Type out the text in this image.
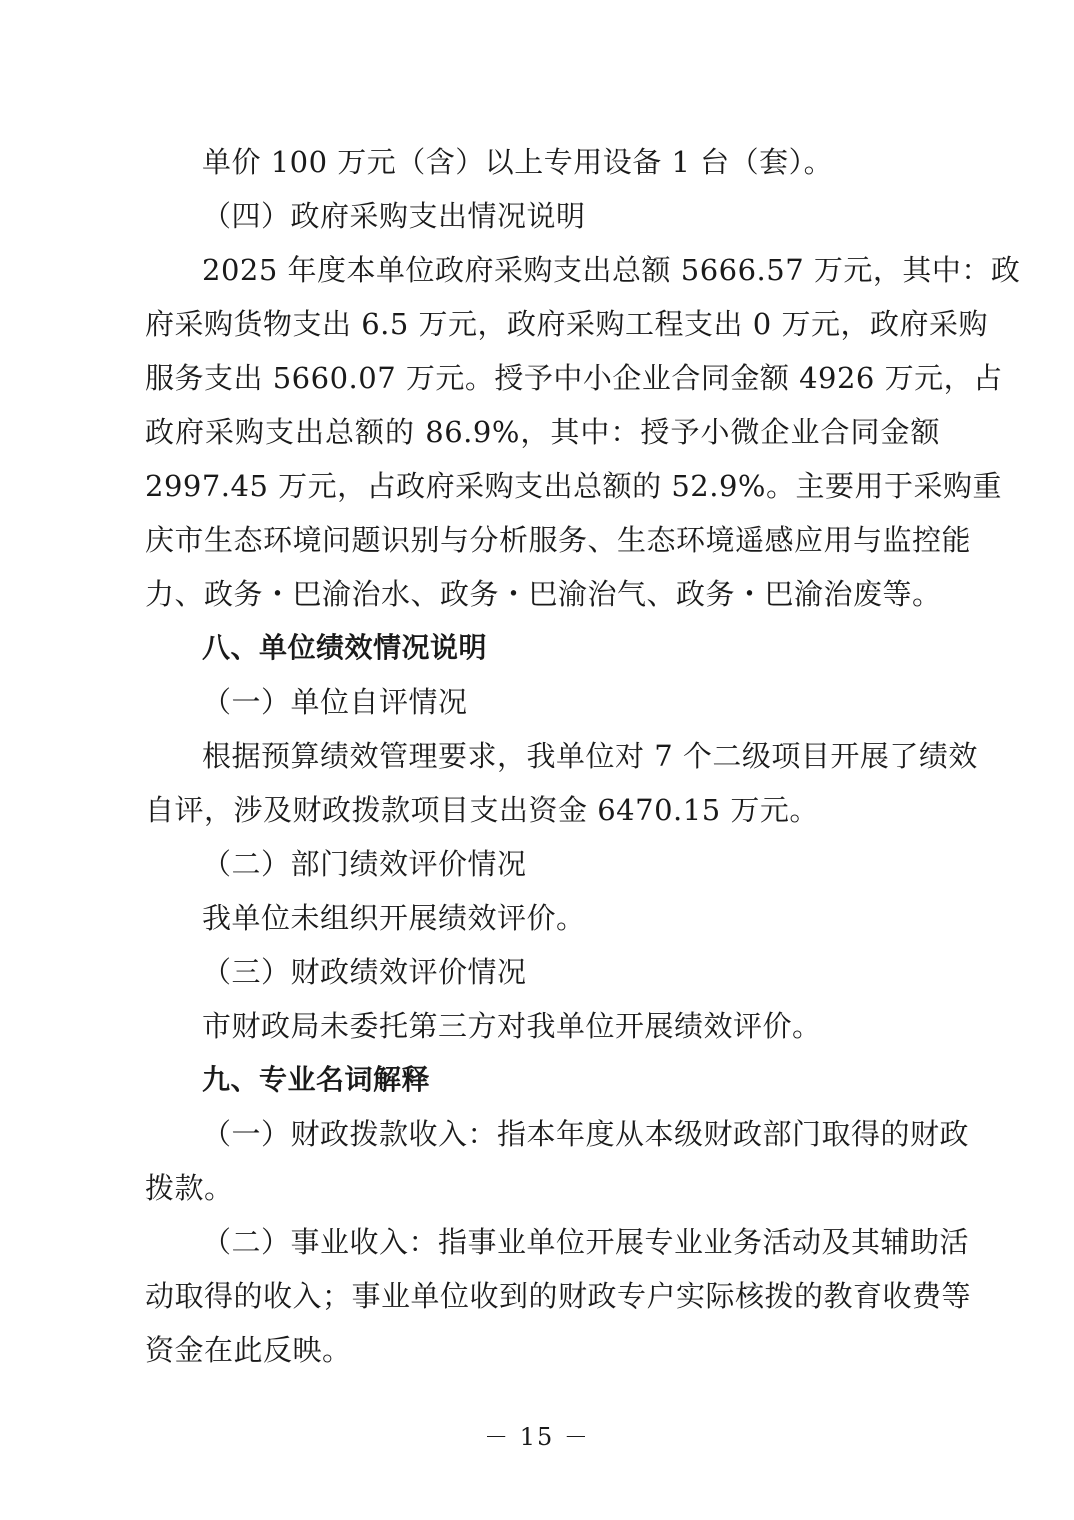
单价 100 万元（含）以上专用设备 1 台（套）。
（四）政府采购支出情况说明
2025 年度本单位政府采购支出总额 5666.57 万元，其中：政
府采购货物支出 6.5 万元，政府采购工程支出 0 万元，政府采购
服务支出 5660.07 万元。授予中小企业合同金额 4926 万元，占
政府采购支出总额的 86.9%，其中：授予小微企业合同金额
2997.45 万元，占政府采购支出总额的 52.9%。主要用于采购重
庆市生态环境问题识别与分析服务、生态环境遥感应用与监控能
力、政务・巴渝治水、政务・巴渝治气、政务・巴渝治废等。
八、单位绩效情况说明
（一）单位自评情况
根据预算绩效管理要求，我单位对 7 个二级项目开展了绩效
自评，涉及财政拨款项目支出资金 6470.15 万元。
（二）部门绩效评价情况
我单位未组织开展绩效评价。
（三）财政绩效评价情况
市财政局未委托第三方对我单位开展绩效评价。
九、专业名词解释
（一）财政拨款收入：指本年度从本级财政部门取得的财政
拨款。
（二）事业收入：指事业单位开展专业业务活动及其辅助活
动取得的收入；事业单位收到的财政专户实际核拨的教育收费等
资金在此反映。
－ 15 －
